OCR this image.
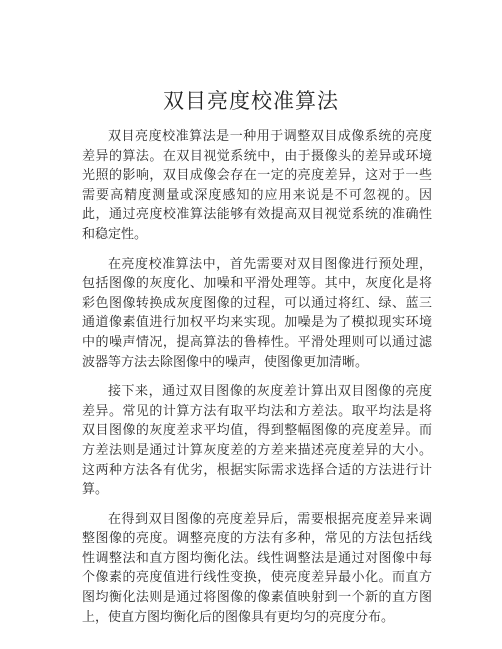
双目亮度校准算法

双目亮度校准算法是一种用于调整双目成像系统的亮度差异的算法。在双目视觉系统中，由于摄像头的差异或环境光照的影响，双目成像会存在一定的亮度差异，这对于一些需要高精度测量或深度感知的应用来说是不可忽视的。因此，通过亮度校准算法能够有效提高双目视觉系统的准确性和稳定性。

在亮度校准算法中，首先需要对双目图像进行预处理，包括图像的灰度化、加噪和平滑处理等。其中，灰度化是将彩色图像转换成灰度图像的过程，可以通过将红、绿、蓝三通道像素值进行加权平均来实现。加噪是为了模拟现实环境中的噪声情况，提高算法的鲁棒性。平滑处理则可以通过滤波器等方法去除图像中的噪声，使图像更加清晰。

接下来，通过双目图像的灰度差计算出双目图像的亮度差异。常见的计算方法有取平均法和方差法。取平均法是将双目图像的灰度差求平均值，得到整幅图像的亮度差异。而方差法则是通过计算灰度差的方差来描述亮度差异的大小。这两种方法各有优劣，根据实际需求选择合适的方法进行计算。

在得到双目图像的亮度差异后，需要根据亮度差异来调整图像的亮度。调整亮度的方法有多种，常见的方法包括线性调整法和直方图均衡化法。线性调整法是通过对图像中每个像素的亮度值进行线性变换，使亮度差异最小化。而直方图均衡化法则是通过将图像的像素值映射到一个新的直方图上，使直方图均衡化后的图像具有更均匀的亮度分布。
